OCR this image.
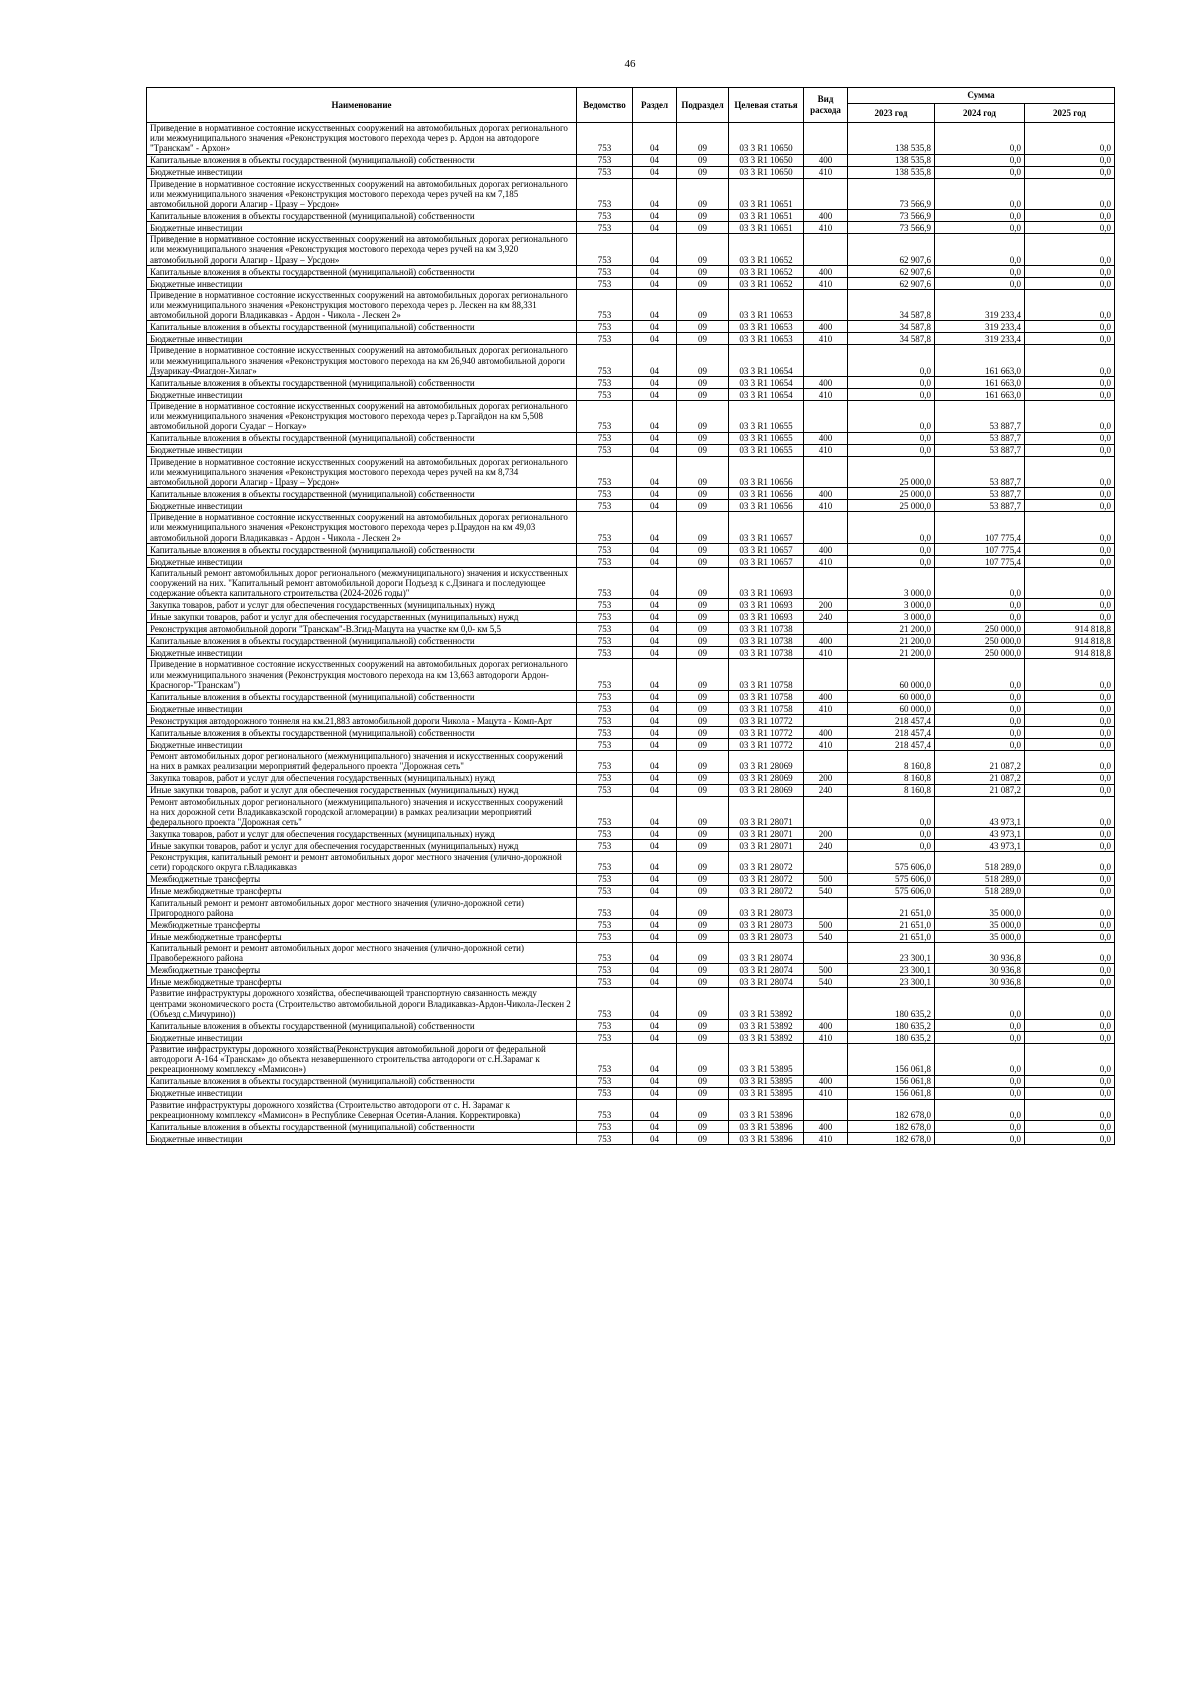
46
Наименование	Ведомство	Раздел	Подраздел	Целевая статья	Вид расхода	Сумма		
						2023 год	2024 год	2025 год
Приведение в нормативное состояние искусственных сооружений на автомобильных дорогах регионального или межмуниципального значения «Реконструкция мостового перехода через р. Ардон на автодороге "Транскам" - Архон»	753	04	09	03 3 R1 10650		138 535,8	0,0	0,0
Капитальные вложения в объекты государственной (муниципальной) собственности	753	04	09	03 3 R1 10650	400	138 535,8	0,0	0,0
Бюджетные инвестиции	753	04	09	03 3 R1 10650	410	138 535,8	0,0	0,0
Приведение в нормативное состояние искусственных сооружений на автомобильных дорогах регионального или межмуниципального значения «Реконструкция мостового перехода через ручей на км 7,185 автомобильной дороги Алагир - Цразу – Урсдон»	753	04	09	03 3 R1 10651		73 566,9	0,0	0,0
Капитальные вложения в объекты государственной (муниципальной) собственности	753	04	09	03 3 R1 10651	400	73 566,9	0,0	0,0
Бюджетные инвестиции	753	04	09	03 3 R1 10651	410	73 566,9	0,0	0,0
Приведение в нормативное состояние искусственных сооружений на автомобильных дорогах регионального или межмуниципального значения «Реконструкция мостового перехода через ручей на км 3,920 автомобильной дороги Алагир - Цразу – Урсдон»	753	04	09	03 3 R1 10652		62 907,6	0,0	0,0
Капитальные вложения в объекты государственной (муниципальной) собственности	753	04	09	03 3 R1 10652	400	62 907,6	0,0	0,0
Бюджетные инвестиции	753	04	09	03 3 R1 10652	410	62 907,6	0,0	0,0
Приведение в нормативное состояние искусственных сооружений на автомобильных дорогах регионального или межмуниципального значения «Реконструкция мостового перехода через р. Лескен на км 88,331 автомобильной дороги Владикавказ - Ардон - Чикола - Лескен 2»	753	04	09	03 3 R1 10653		34 587,8	319 233,4	0,0
Капитальные вложения в объекты государственной (муниципальной) собственности	753	04	09	03 3 R1 10653	400	34 587,8	319 233,4	0,0
Бюджетные инвестиции	753	04	09	03 3 R1 10653	410	34 587,8	319 233,4	0,0
Приведение в нормативное состояние искусственных сооружений на автомобильных дорогах регионального или межмуниципального значения «Реконструкция мостового перехода на км 26,940 автомобильной дороги Дзуарикау-Фиагдон-Хилаг»	753	04	09	03 3 R1 10654		0,0	161 663,0	0,0
Капитальные вложения в объекты государственной (муниципальной) собственности	753	04	09	03 3 R1 10654	400	0,0	161 663,0	0,0
Бюджетные инвестиции	753	04	09	03 3 R1 10654	410	0,0	161 663,0	0,0
Приведение в нормативное состояние искусственных сооружений на автомобильных дорогах регионального или межмуниципального значения «Реконструкция мостового перехода через р.Таргайдон на км 5,508 автомобильной дороги Суадаг – Ногкау»	753	04	09	03 3 R1 10655		0,0	53 887,7	0,0
Капитальные вложения в объекты государственной (муниципальной) собственности	753	04	09	03 3 R1 10655	400	0,0	53 887,7	0,0
Бюджетные инвестиции	753	04	09	03 3 R1 10655	410	0,0	53 887,7	0,0
Приведение в нормативное состояние искусственных сооружений на автомобильных дорогах регионального или межмуниципального значения «Реконструкция мостового перехода через ручей на км 8,734 автомобильной дороги Алагир - Цразу – Урсдон»	753	04	09	03 3 R1 10656		25 000,0	53 887,7	0,0
Капитальные вложения в объекты государственной (муниципальной) собственности	753	04	09	03 3 R1 10656	400	25 000,0	53 887,7	0,0
Бюджетные инвестиции	753	04	09	03 3 R1 10656	410	25 000,0	53 887,7	0,0
Приведение в нормативное состояние искусственных сооружений на автомобильных дорогах регионального или межмуниципального значения «Реконструкция мостового перехода через р.Цраудон на км 49,03 автомобильной дороги Владикавказ - Ардон - Чикола - Лескен 2»	753	04	09	03 3 R1 10657		0,0	107 775,4	0,0
Капитальные вложения в объекты государственной (муниципальной) собственности	753	04	09	03 3 R1 10657	400	0,0	107 775,4	0,0
Бюджетные инвестиции	753	04	09	03 3 R1 10657	410	0,0	107 775,4	0,0
Капитальный ремонт автомобильных дорог регионального (межмуниципального) значения и искусственных сооружений на них. "Капитальный ремонт автомобильной дороги Подъезд к с.Дзинага и последующее содержание объекта капитального строительства (2024-2026 годы)"	753	04	09	03 3 R1 10693		3 000,0	0,0	0,0
Закупка товаров, работ и услуг для обеспечения государственных (муниципальных) нужд	753	04	09	03 3 R1 10693	200	3 000,0	0,0	0,0
Иные закупки товаров, работ и услуг для обеспечения государственных (муниципальных) нужд	753	04	09	03 3 R1 10693	240	3 000,0	0,0	0,0
Реконструкция автомобильной дороги "Транскам"-В.Згид-Мацута на участке км 0,0- км 5,5	753	04	09	03 3 R1 10738		21 200,0	250 000,0	914 818,8
Капитальные вложения в объекты государственной (муниципальной) собственности	753	04	09	03 3 R1 10738	400	21 200,0	250 000,0	914 818,8
Бюджетные инвестиции	753	04	09	03 3 R1 10738	410	21 200,0	250 000,0	914 818,8
Приведение в нормативное состояние искусственных сооружений на автомобильных дорогах регионального или межмуниципального значения (Реконструкция мостового перехода на км 13,663 автодороги Ардон-Красногор-"Транскам")	753	04	09	03 3 R1 10758		60 000,0	0,0	0,0
Капитальные вложения в объекты государственной (муниципальной) собственности	753	04	09	03 3 R1 10758	400	60 000,0	0,0	0,0
Бюджетные инвестиции	753	04	09	03 3 R1 10758	410	60 000,0	0,0	0,0
Реконструкция автодорожного тоннеля на км.21,883 автомобильной дороги Чикола - Мацута - Комп-Арт	753	04	09	03 3 R1 10772		218 457,4	0,0	0,0
Капитальные вложения в объекты государственной (муниципальной) собственности	753	04	09	03 3 R1 10772	400	218 457,4	0,0	0,0
Бюджетные инвестиции	753	04	09	03 3 R1 10772	410	218 457,4	0,0	0,0
Ремонт автомобильных дорог регионального (межмуниципального) значения и искусственных сооружений на них в рамках реализации мероприятий федерального проекта "Дорожная сеть"	753	04	09	03 3 R1 28069		8 160,8	21 087,2	0,0
Закупка товаров, работ и услуг для обеспечения государственных (муниципальных) нужд	753	04	09	03 3 R1 28069	200	8 160,8	21 087,2	0,0
Иные закупки товаров, работ и услуг для обеспечения государственных (муниципальных) нужд	753	04	09	03 3 R1 28069	240	8 160,8	21 087,2	0,0
Ремонт автомобильных дорог регионального (межмуниципального) значения и искусственных сооружений на них дорожной сети Владикавказской городской агломерации) в рамках реализации мероприятий федерального проекта "Дорожная сеть"	753	04	09	03 3 R1 28071		0,0	43 973,1	0,0
Закупка товаров, работ и услуг для обеспечения государственных (муниципальных) нужд	753	04	09	03 3 R1 28071	200	0,0	43 973,1	0,0
Иные закупки товаров, работ и услуг для обеспечения государственных (муниципальных) нужд	753	04	09	03 3 R1 28071	240	0,0	43 973,1	0,0
Реконструкция, капитальный ремонт и ремонт автомобильных дорог местного значения (улично-дорожной сети) городского округа г.Владикавказ	753	04	09	03 3 R1 28072		575 606,0	518 289,0	0,0
Межбюджетные трансферты	753	04	09	03 3 R1 28072	500	575 606,0	518 289,0	0,0
Иные межбюджетные трансферты	753	04	09	03 3 R1 28072	540	575 606,0	518 289,0	0,0
Капитальный ремонт и ремонт автомобильных дорог местного значения (улично-дорожной сети) Пригородного района	753	04	09	03 3 R1 28073		21 651,0	35 000,0	0,0
Межбюджетные трансферты	753	04	09	03 3 R1 28073	500	21 651,0	35 000,0	0,0
Иные межбюджетные трансферты	753	04	09	03 3 R1 28073	540	21 651,0	35 000,0	0,0
Капитальный ремонт и ремонт автомобильных дорог местного значения (улично-дорожной сети) Правобережного района	753	04	09	03 3 R1 28074		23 300,1	30 936,8	0,0
Межбюджетные трансферты	753	04	09	03 3 R1 28074	500	23 300,1	30 936,8	0,0
Иные межбюджетные трансферты	753	04	09	03 3 R1 28074	540	23 300,1	30 936,8	0,0
Развитие инфраструктуры дорожного хозяйства, обеспечивающей транспортную связанность между центрами экономического роста (Строительство автомобильной дороги Владикавказ-Ардон-Чикола-Лескен 2 (Объезд с.Мичурино))	753	04	09	03 3 R1 53892		180 635,2	0,0	0,0
Капитальные вложения в объекты государственной (муниципальной) собственности	753	04	09	03 3 R1 53892	400	180 635,2	0,0	0,0
Бюджетные инвестиции	753	04	09	03 3 R1 53892	410	180 635,2	0,0	0,0
Развитие инфраструктуры дорожного хозяйства(Реконструкция автомобильной дороги от федеральной автодороги А-164 «Транскам» до объекта незавершенного строительства автодороги от с.Н.Зарамаг к рекреационному комплексу «Мамисон»)	753	04	09	03 3 R1 53895		156 061,8	0,0	0,0
Капитальные вложения в объекты государственной (муниципальной) собственности	753	04	09	03 3 R1 53895	400	156 061,8	0,0	0,0
Бюджетные инвестиции	753	04	09	03 3 R1 53895	410	156 061,8	0,0	0,0
Развитие инфраструктуры дорожного хозяйства (Строительство автодороги от с. Н. Зарамаг к рекреационному комплексу «Мамисон» в Республике Северная Осетия-Алания. Корректировка)	753	04	09	03 3 R1 53896		182 678,0	0,0	0,0
Капитальные вложения в объекты государственной (муниципальной) собственности	753	04	09	03 3 R1 53896	400	182 678,0	0,0	0,0
Бюджетные инвестиции	753	04	09	03 3 R1 53896	410	182 678,0	0,0	0,0
